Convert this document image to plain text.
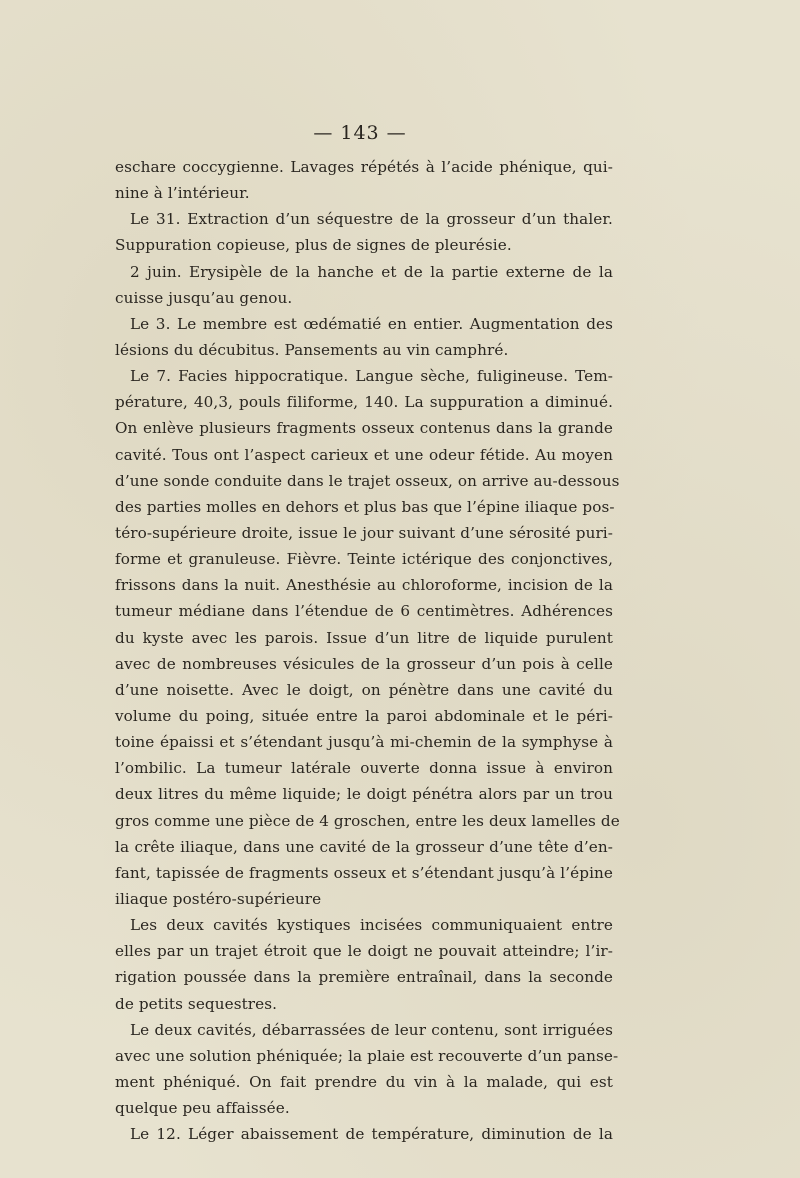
— 143 —
eschare coccygienne. Lavages répétés à l’acide phénique, qui-
nine à l’intérieur.
Le 31. Extraction d’un séquestre de la grosseur d’un thaler.
Suppuration copieuse, plus de signes de pleurésie.
2 juin. Erysipèle de la hanche et de la partie externe de la
cuisse jusqu’au genou.
Le 3. Le membre est œdématié en entier. Augmentation des
lésions du décubitus. Pansements au vin camphré.
Le 7. Facies hippocratique. Langue sèche, fuligineuse. Tem-
pérature, 40,3, pouls filiforme, 140. La suppuration a diminué.
On enlève plusieurs fragments osseux contenus dans la grande
cavité. Tous ont l’aspect carieux et une odeur fétide. Au moyen
d’une sonde conduite dans le trajet osseux, on arrive au-dessous
des parties molles en dehors et plus bas que l’épine iliaque pos-
téro-supérieure droite, issue le jour suivant d’une sérosité puri-
forme et granuleuse. Fièvre. Teinte ictérique des conjonctives,
frissons dans la nuit. Anesthésie au chloroforme, incision de la
tumeur médiane dans l’étendue de 6 centimètres. Adhérences
du kyste avec les parois. Issue d’un litre de liquide purulent
avec de nombreuses vésicules de la grosseur d’un pois à celle
d’une noisette. Avec le doigt, on pénètre dans une cavité du
volume du poing, située entre la paroi abdominale et le péri-
toine épaissi et s’étendant jusqu’à mi-chemin de la symphyse à
l’ombilic. La tumeur latérale ouverte donna issue à environ
deux litres du même liquide; le doigt pénétra alors par un trou
gros comme une pièce de 4 groschen, entre les deux lamelles de
la crête iliaque, dans une cavité de la grosseur d’une tête d’en-
fant, tapissée de fragments osseux et s’étendant jusqu’à l’épine
iliaque postéro-supérieure
Les deux cavités kystiques incisées communiquaient entre
elles par un trajet étroit que le doigt ne pouvait atteindre; l’ir-
rigation poussée dans la première entraînail, dans la seconde
de petits sequestres.
Le deux cavités, débarrassées de leur contenu, sont irriguées
avec une solution phéniquée; la plaie est recouverte d’un panse-
ment phéniqué. On fait prendre du vin à la malade, qui est
quelque peu affaissée.
Le 12. Léger abaissement de température, diminution de la
